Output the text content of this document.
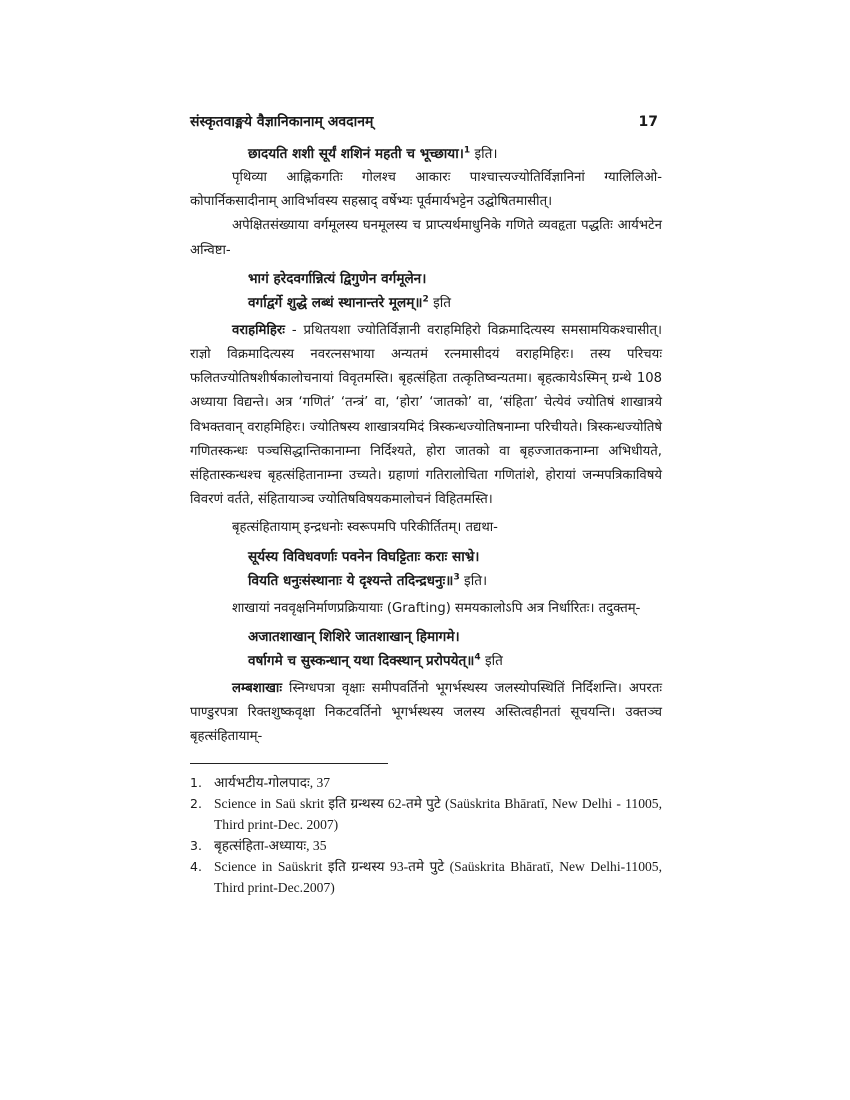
संस्कृतवाङ्मये वैज्ञानिकानाम् अवदानम्	17
छादयति शशी सूर्यं शशिनं महती च भूच्छाया।$^1$ इति।

पृथिव्या आह्निकगतिः गोलश्च आकारः पाश्चात्त्यज्योतिर्विज्ञानिनां ग्यालिलिओ-कोपार्निकसादीनाम् आविर्भावस्य सहस्राद् वर्षेभ्यः पूर्वमार्यभट्टेन उद्घोषितमासीत्।

अपेक्षितसंख्याया वर्गमूलस्य घनमूलस्य च प्राप्त्यर्थमाधुनिके गणिते व्यवहृता पद्धतिः आर्यभटेन अन्विष्टा-

भागं हरेदवर्गान्नित्यं द्विगुणेन वर्गमूलेन।
वर्गाद्वर्गे शुद्धे लब्धं स्थानान्तरे मूलम्॥$^2$ इति

वराहमिहिरः - प्रथितयशा ज्योतिर्विज्ञानी वराहमिहिरो विक्रमादित्यस्य समसामयिकश्चासीत्। राज्ञो विक्रमादित्यस्य नवरत्नसभाया अन्यतमं रत्नमासीदयं वराहमिहिरः। तस्य परिचयः फलितज्योतिषशीर्षकालोचनायां विवृतमस्ति। बृहत्संहिता तत्कृतिष्वन्यतमा। बृहत्कायेऽस्मिन् ग्रन्थे 108 अध्याया विद्यन्ते। अत्र ‘गणितं’ ‘तन्त्रं’ वा, ‘होरा’ ‘जातको’ वा, ‘संहिता’ चेत्येवं ज्योतिषं शाखात्रये विभक्तवान् वराहमिहिरः। ज्योतिषस्य शाखात्रयमिदं त्रिस्कन्धज्योतिषनाम्ना परिचीयते। त्रिस्कन्धज्योतिषे गणितस्कन्धः पञ्चसिद्धान्तिकानाम्ना निर्दिश्यते, होरा जातको वा बृहज्जातकनाम्ना अभिधीयते, संहितास्कन्धश्च बृहत्संहितानाम्ना उच्यते। ग्रहाणां गतिरालोचिता गणितांशे, होरायां जन्मपत्रिकाविषये विवरणं वर्तते, संहितायाञ्च ज्योतिषविषयकमालोचनं विहितमस्ति।

बृहत्संहितायाम् इन्द्रधनोः स्वरूपमपि परिकीर्तितम्। तद्यथा-

सूर्यस्य विविधवर्णाः पवनेन विघट्टिताः कराः साभ्रे।
वियति धनुःसंस्थानाः ये दृश्यन्ते तदिन्द्रधनुः॥$^3$ इति।

शाखायां नववृक्षनिर्माणप्रक्रियायाः (Grafting) समयकालोऽपि अत्र निर्धारितः। तदुक्तम्-

अजातशाखान् शिशिरे जातशाखान् हिमागमे।
वर्षागमे च सुस्कन्धान् यथा दिक्स्थान् प्ररोपयेत्॥$^4$ इति

लम्बशाखाः स्निग्धपत्रा वृक्षाः समीपवर्तिनो भूगर्भस्थस्य जलस्योपस्थितिं निर्दिशन्ति। अपरतः पाण्डुरपत्रा रिक्तशुष्कवृक्षा निकटवर्तिनो भूगर्भस्थस्य जलस्य अस्तित्वहीनतां सूचयन्ति। उक्तञ्च बृहत्संहितायाम्-

1. आर्यभटीय-गोलपादः, 37
2. Science in Saü skrit इति ग्रन्थस्य 62-तमे पुटे (Saüskrita Bhāratī, New Delhi - 11005, Third print-Dec. 2007)
3. बृहत्संहिता-अध्यायः, 35
4. Science in Saüskrit इति ग्रन्थस्य 93-तमे पुटे (Saüskrita Bhāratī, New Delhi-11005, Third print-Dec.2007)
